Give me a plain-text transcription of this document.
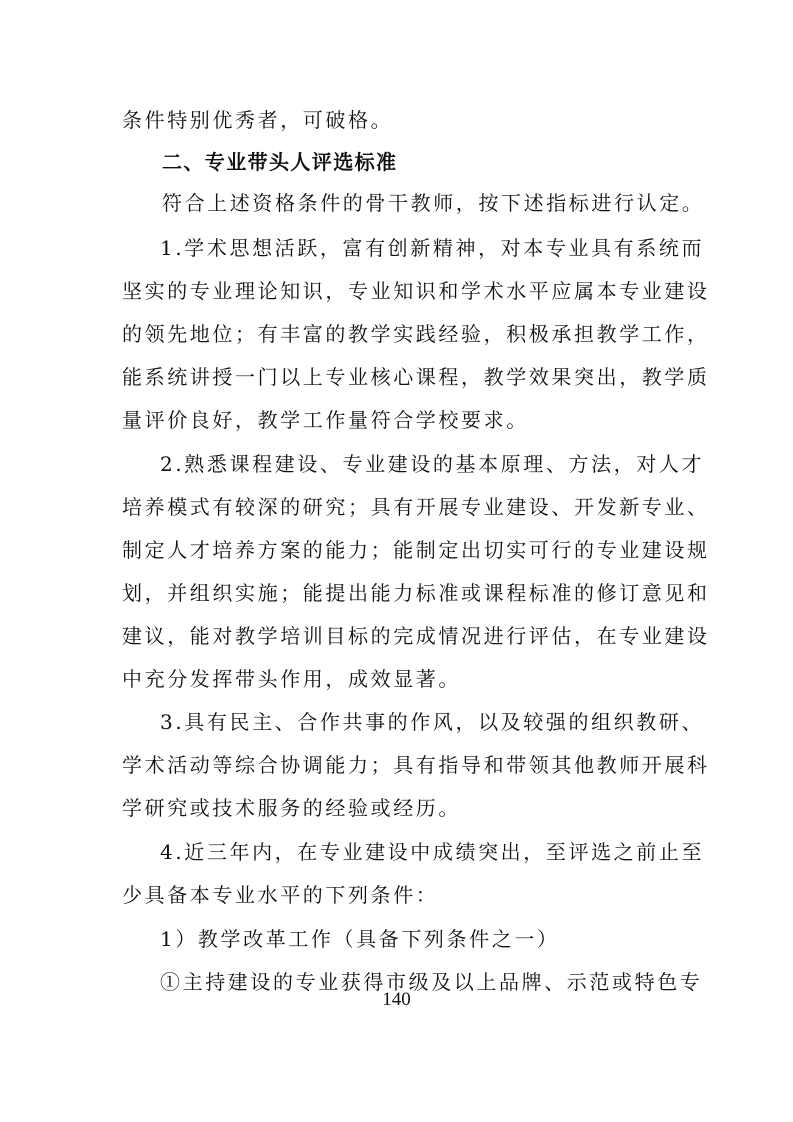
条件特别优秀者，可破格。
二、专业带头人评选标准
符合上述资格条件的骨干教师，按下述指标进行认定。
1.学术思想活跃，富有创新精神，对本专业具有系统而
坚实的专业理论知识，专业知识和学术水平应属本专业建设
的领先地位；有丰富的教学实践经验，积极承担教学工作，
能系统讲授一门以上专业核心课程，教学效果突出，教学质
量评价良好，教学工作量符合学校要求。
2.熟悉课程建设、专业建设的基本原理、方法，对人才
培养模式有较深的研究；具有开展专业建设、开发新专业、
制定人才培养方案的能力；能制定出切实可行的专业建设规
划，并组织实施；能提出能力标准或课程标准的修订意见和
建议，能对教学培训目标的完成情况进行评估，在专业建设
中充分发挥带头作用，成效显著。
3.具有民主、合作共事的作风，以及较强的组织教研、
学术活动等综合协调能力；具有指导和带领其他教师开展科
学研究或技术服务的经验或经历。
4.近三年内，在专业建设中成绩突出，至评选之前止至
少具备本专业水平的下列条件：
1）教学改革工作（具备下列条件之一）
①主持建设的专业获得市级及以上品牌、示范或特色专
140
